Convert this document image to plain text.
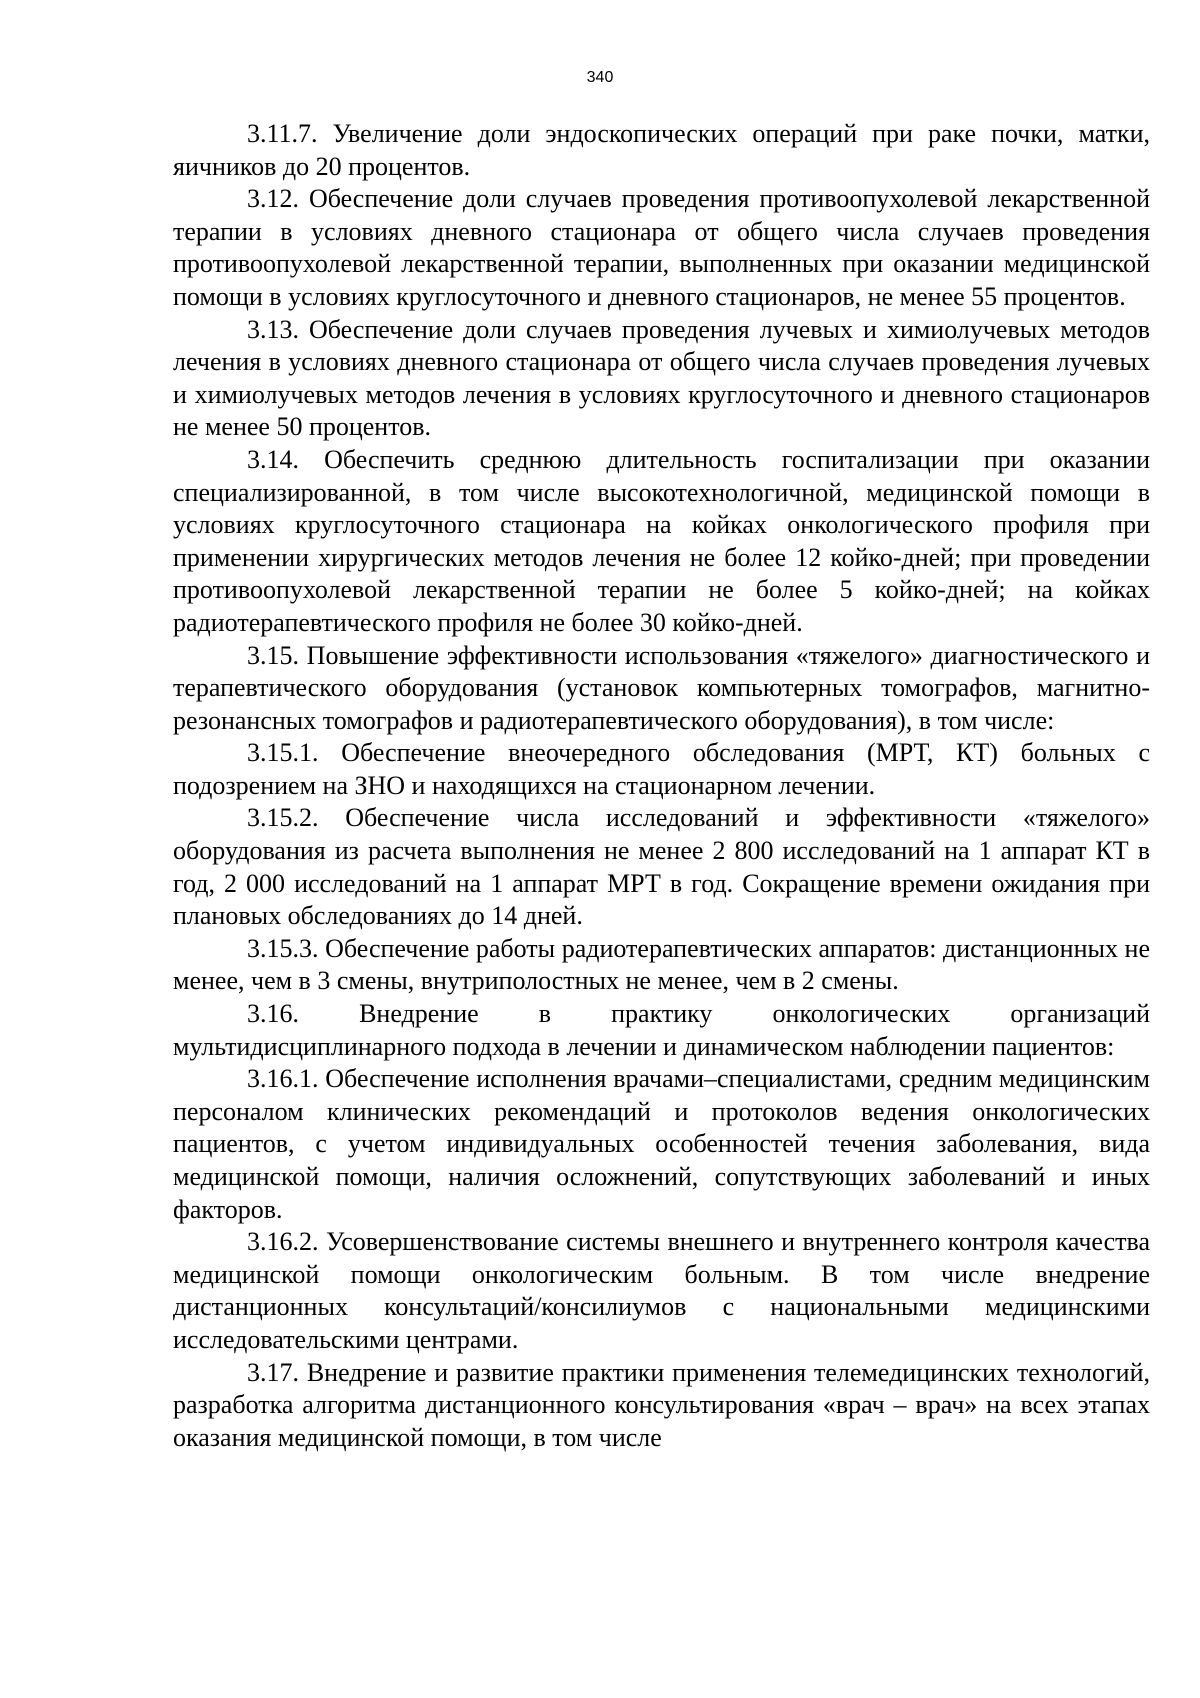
340

3.11.7. Увеличение доли эндоскопических операций при раке почки, матки, яичников до 20 процентов.

3.12. Обеспечение доли случаев проведения противоопухолевой лекарственной терапии в условиях дневного стационара от общего числа случаев проведения противоопухолевой лекарственной терапии, выполненных при оказании медицинской помощи в условиях круглосуточного и дневного стационаров, не менее 55 процентов.

3.13. Обеспечение доли случаев проведения лучевых и химиолучевых методов лечения в условиях дневного стационара от общего числа случаев проведения лучевых и химиолучевых методов лечения в условиях круглосуточного и дневного стационаров не менее 50 процентов.

3.14. Обеспечить среднюю длительность госпитализации при оказании специализированной, в том числе высокотехнологичной, медицинской помощи в условиях круглосуточного стационара на койках онкологического профиля при применении хирургических методов лечения не более 12 койко-дней; при проведении противоопухолевой лекарственной терапии не более 5 койко-дней; на койках радиотерапевтического профиля не более 30 койко-дней.

3.15. Повышение эффективности использования «тяжелого» диагностического и терапевтического оборудования (установок компьютерных томографов, магнитно-резонансных томографов и радиотерапевтического оборудования), в том числе:

3.15.1. Обеспечение внеочередного обследования (МРТ, КТ) больных с подозрением на ЗНО и находящихся на стационарном лечении.

3.15.2. Обеспечение числа исследований и эффективности «тяжелого» оборудования из расчета выполнения не менее 2 800 исследований на 1 аппарат КТ в год, 2 000 исследований на 1 аппарат МРТ в год. Сокращение времени ожидания при плановых обследованиях до 14 дней.

3.15.3. Обеспечение работы радиотерапевтических аппаратов: дистанционных не менее, чем в 3 смены, внутриполостных не менее, чем в 2 смены.

3.16. Внедрение в практику онкологических организаций мультидисциплинарного подхода в лечении и динамическом наблюдении пациентов:

3.16.1. Обеспечение исполнения врачами–специалистами, средним медицинским персоналом клинических рекомендаций и протоколов ведения онкологических пациентов, с учетом индивидуальных особенностей течения заболевания, вида медицинской помощи, наличия осложнений, сопутствующих заболеваний и иных факторов.

3.16.2. Усовершенствование системы внешнего и внутреннего контроля качества медицинской помощи онкологическим больным. В том числе внедрение дистанционных консультаций/консилиумов с национальными медицинскими исследовательскими центрами.

3.17. Внедрение и развитие практики применения телемедицинских технологий, разработка алгоритма дистанционного консультирования «врач – врач» на всех этапах оказания медицинской помощи, в том числе
